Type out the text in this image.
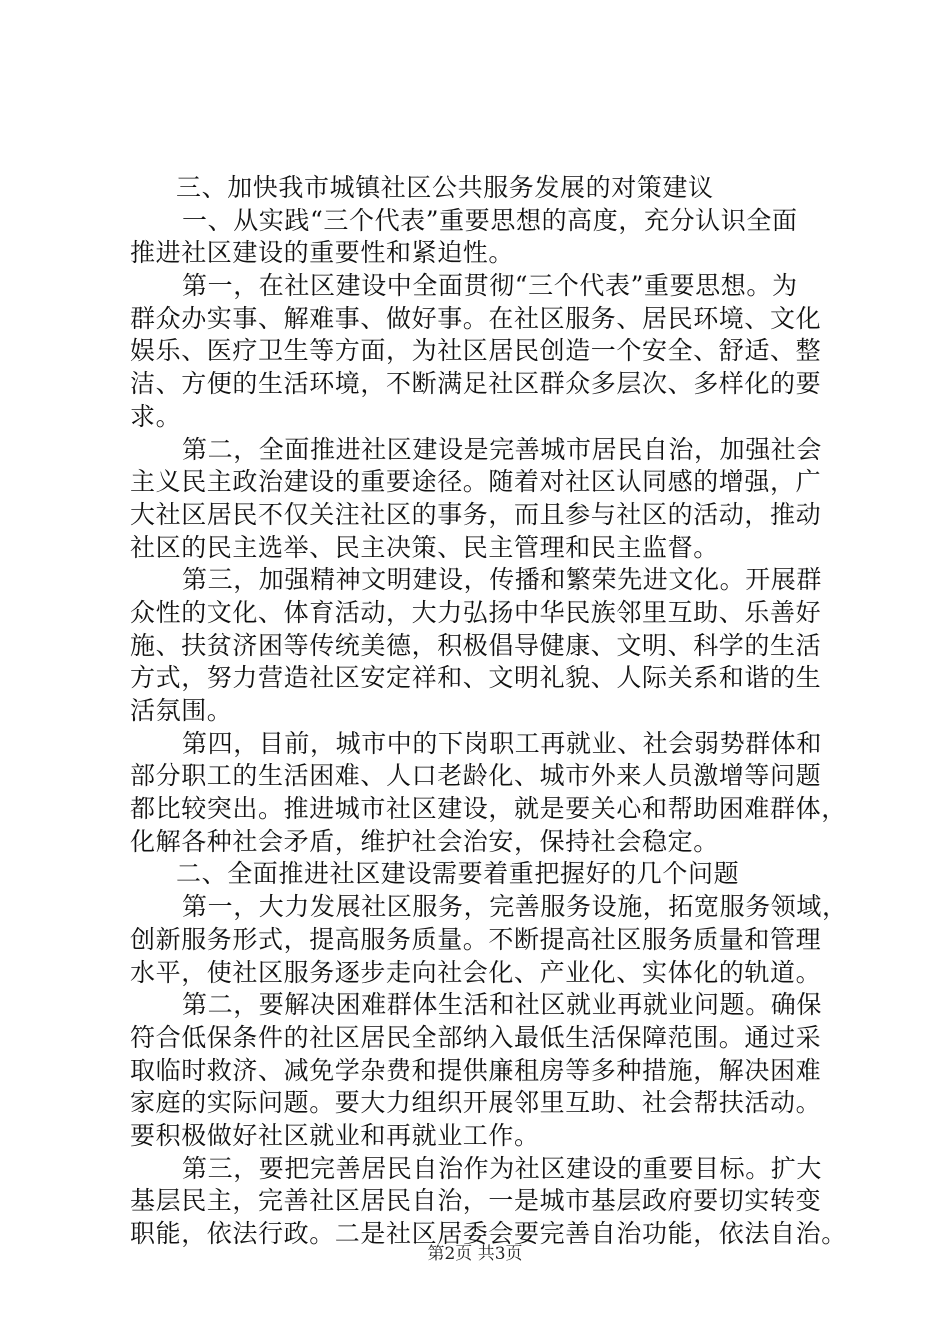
三、加快我市城镇社区公共服务发展的对策建议
一、从实践“三个代表”重要思想的高度，充分认识全面
推进社区建设的重要性和紧迫性。
第一，在社区建设中全面贯彻“三个代表”重要思想。为
群众办实事、解难事、做好事。在社区服务、居民环境、文化
娱乐、医疗卫生等方面，为社区居民创造一个安全、舒适、整
洁、方便的生活环境，不断满足社区群众多层次、多样化的要
求。
第二，全面推进社区建设是完善城市居民自治，加强社会
主义民主政治建设的重要途径。随着对社区认同感的增强，广
大社区居民不仅关注社区的事务，而且参与社区的活动，推动
社区的民主选举、民主决策、民主管理和民主监督。
第三，加强精神文明建设，传播和繁荣先进文化。开展群
众性的文化、体育活动，大力弘扬中华民族邻里互助、乐善好
施、扶贫济困等传统美德，积极倡导健康、文明、科学的生活
方式，努力营造社区安定祥和、文明礼貌、人际关系和谐的生
活氛围。
第四，目前，城市中的下岗职工再就业、社会弱势群体和
部分职工的生活困难、人口老龄化、城市外来人员激增等问题
都比较突出。推进城市社区建设，就是要关心和帮助困难群体，
化解各种社会矛盾，维护社会治安，保持社会稳定。
二、全面推进社区建设需要着重把握好的几个问题
第一，大力发展社区服务，完善服务设施，拓宽服务领域，
创新服务形式，提高服务质量。不断提高社区服务质量和管理
水平，使社区服务逐步走向社会化、产业化、实体化的轨道。
第二，要解决困难群体生活和社区就业再就业问题。确保
符合低保条件的社区居民全部纳入最低生活保障范围。通过采
取临时救济、减免学杂费和提供廉租房等多种措施，解决困难
家庭的实际问题。要大力组织开展邻里互助、社会帮扶活动。
要积极做好社区就业和再就业工作。
第三，要把完善居民自治作为社区建设的重要目标。扩大
基层民主，完善社区居民自治，一是城市基层政府要切实转变
职能，依法行政。二是社区居委会要完善自治功能，依法自治。
第2页 共3页
